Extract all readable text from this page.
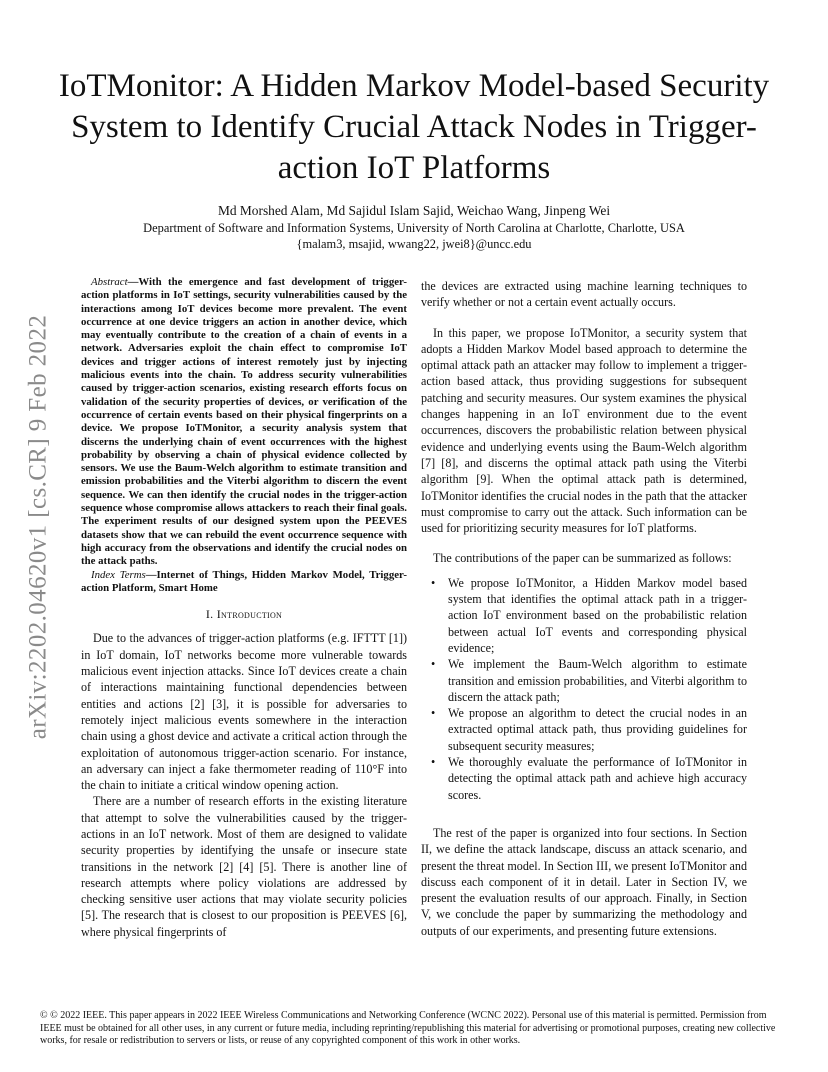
arXiv:2202.04620v1 [cs.CR] 9 Feb 2022
IoTMonitor: A Hidden Markov Model-based Security System to Identify Crucial Attack Nodes in Trigger-action IoT Platforms
Md Morshed Alam, Md Sajidul Islam Sajid, Weichao Wang, Jinpeng Wei
Department of Software and Information Systems, University of North Carolina at Charlotte, Charlotte, USA
{malam3, msajid, wwang22, jwei8}@uncc.edu

Abstract—With the emergence and fast development of trigger-action platforms in IoT settings, security vulnerabilities caused by the interactions among IoT devices become more prevalent. The event occurrence at one device triggers an action in another device, which may eventually contribute to the creation of a chain of events in a network. Adversaries exploit the chain effect to compromise IoT devices and trigger actions of interest remotely just by injecting malicious events into the chain. To address security vulnerabilities caused by trigger-action scenarios, existing research efforts focus on validation of the security properties of devices, or verification of the occurrence of certain events based on their physical fingerprints on a device. We propose IoTMonitor, a security analysis system that discerns the underlying chain of event occurrences with the highest probability by observing a chain of physical evidence collected by sensors. We use the Baum-Welch algorithm to estimate transition and emission probabilities and the Viterbi algorithm to discern the event sequence. We can then identify the crucial nodes in the trigger-action sequence whose compromise allows attackers to reach their final goals. The experiment results of our designed system upon the PEEVES datasets show that we can rebuild the event occurrence sequence with high accuracy from the observations and identify the crucial nodes on the attack paths.

Index Terms—Internet of Things, Hidden Markov Model, Trigger-action Platform, Smart Home

I. Introduction

Due to the advances of trigger-action platforms (e.g. IFTTT [1]) in IoT domain, IoT networks become more vulnerable towards malicious event injection attacks. Since IoT devices create a chain of interactions maintaining functional dependencies between entities and actions [2] [3], it is possible for adversaries to remotely inject malicious events somewhere in the interaction chain using a ghost device and activate a critical action through the exploitation of autonomous trigger-action scenario. For instance, an adversary can inject a fake thermometer reading of 110°F into the chain to initiate a critical window opening action.

There are a number of research efforts in the existing literature that attempt to solve the vulnerabilities caused by the trigger-actions in an IoT network. Most of them are designed to validate security properties by identifying the unsafe or insecure state transitions in the network [2] [4] [5]. There is another line of research attempts where policy violations are addressed by checking sensitive user actions that may violate security policies [5]. The research that is closest to our proposition is PEEVES [6], where physical fingerprints of

the devices are extracted using machine learning techniques to verify whether or not a certain event actually occurs.

In this paper, we propose IoTMonitor, a security system that adopts a Hidden Markov Model based approach to determine the optimal attack path an attacker may follow to implement a trigger-action based attack, thus providing suggestions for subsequent patching and security measures. Our system examines the physical changes happening in an IoT environment due to the event occurrences, discovers the probabilistic relation between physical evidence and underlying events using the Baum-Welch algorithm [7] [8], and discerns the optimal attack path using the Viterbi algorithm [9]. When the optimal attack path is determined, IoTMonitor identifies the crucial nodes in the path that the attacker must compromise to carry out the attack. Such information can be used for prioritizing security measures for IoT platforms.

The contributions of the paper can be summarized as follows:

• We propose IoTMonitor, a Hidden Markov model based system that identifies the optimal attack path in a trigger-action IoT environment based on the probabilistic relation between actual IoT events and corresponding physical evidence;
• We implement the Baum-Welch algorithm to estimate transition and emission probabilities, and Viterbi algorithm to discern the attack path;
• We propose an algorithm to detect the crucial nodes in an extracted optimal attack path, thus providing guidelines for subsequent security measures;
• We thoroughly evaluate the performance of IoTMonitor in detecting the optimal attack path and achieve high accuracy scores.

The rest of the paper is organized into four sections. In Section II, we define the attack landscape, discuss an attack scenario, and present the threat model. In Section III, we present IoTMonitor and discuss each component of it in detail. Later in Section IV, we present the evaluation results of our approach. Finally, in Section V, we conclude the paper by summarizing the methodology and outputs of our experiments, and presenting future extensions.

© © 2022 IEEE. This paper appears in 2022 IEEE Wireless Communications and Networking Conference (WCNC 2022). Personal use of this material is permitted. Permission from IEEE must be obtained for all other uses, in any current or future media, including reprinting/republishing this material for advertising or promotional purposes, creating new collective works, for resale or redistribution to servers or lists, or reuse of any copyrighted component of this work in other works.
